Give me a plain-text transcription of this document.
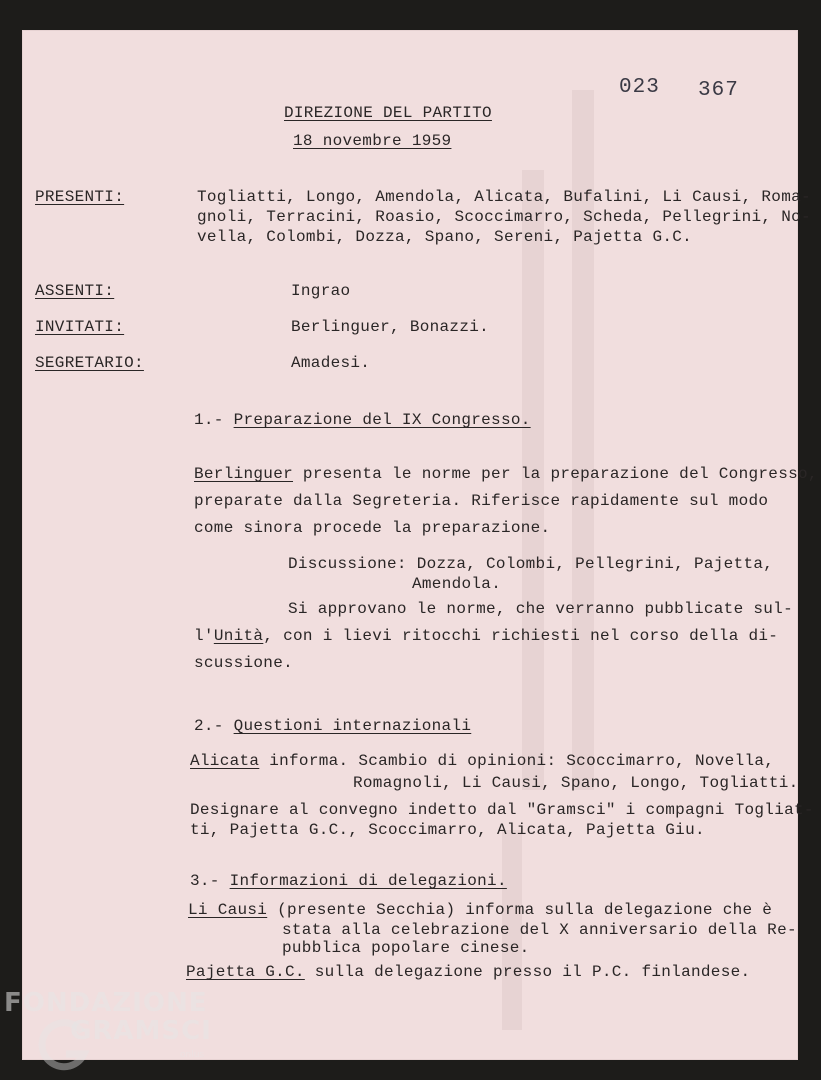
023 367
DIREZIONE DEL PARTITO
18 novembre 1959
PRESENTI:	Togliatti, Longo, Amendola, Alicata, Bufalini, Li Causi, Roma-
gnoli, Terracini, Roasio, Scoccimarro, Scheda, Pellegrini, No-
vella, Colombi, Dozza, Spano, Sereni, Pajetta G.C.
ASSENTI:	Ingrao
INVITATI:	Berlinguer, Bonazzi.
SEGRETARIO:	Amadesi.
1.- Preparazione del IX Congresso.
Berlinguer presenta le norme per la preparazione del Congresso,
preparate dalla Segreteria. Riferisce rapidamente sul modo
come sinora procede la preparazione.
Discussione: Dozza, Colombi, Pellegrini, Pajetta,
Amendola.
Si approvano le norme, che verranno pubblicate sul-
l'Unità, con i lievi ritocchi richiesti nel corso della di-
scussione.
2.- Questioni internazionali
Alicata informa. Scambio di opinioni: Scoccimarro, Novella,
Romagnoli, Li Causi, Spano, Longo, Togliatti.
Designare al convegno indetto dal "Gramsci" i compagni Togliat-
ti, Pajetta G.C., Scoccimarro, Alicata, Pajetta Giu.
3.- Informazioni di delegazioni.
Li Causi (presente Secchia) informa sulla delegazione che è
stata alla celebrazione del X anniversario della Re-
pubblica popolare cinese.
Pajetta G.C. sulla delegazione presso il P.C. finlandese.
FONDAZIONE
GRAMSCI
onlus
